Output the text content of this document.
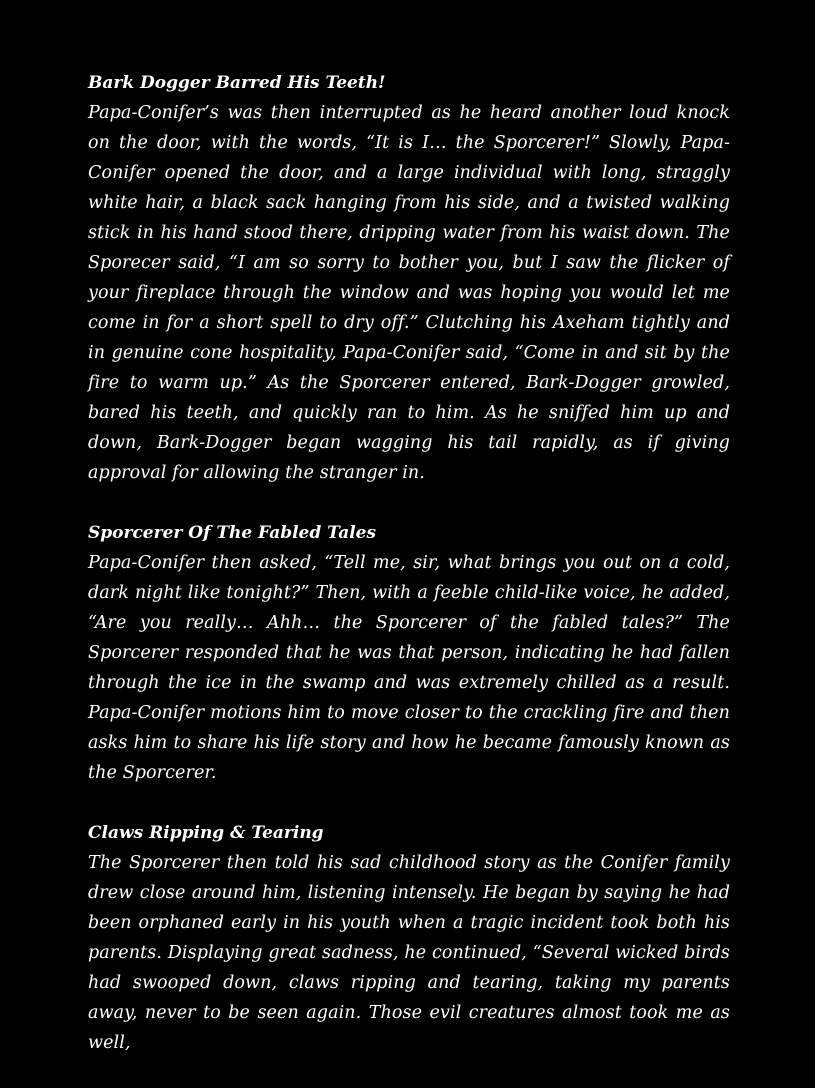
Bark Dogger Barred His Teeth!

Papa-Conifer’s was then interrupted as he heard another loud knock on the door, with the words, “It is I… the Sporcerer!” Slowly, Papa-Conifer opened the door, and a large individual with long, straggly white hair, a black sack hanging from his side, and a twisted walking stick in his hand stood there, dripping water from his waist down. The Sporecer said, “I am so sorry to bother you, but I saw the flicker of your fireplace through the window and was hoping you would let me come in for a short spell to dry off.” Clutching his Axeham tightly and in genuine cone hospitality, Papa-Conifer said, “Come in and sit by the fire to warm up.” As the Sporcerer entered, Bark-Dogger growled, bared his teeth, and quickly ran to him. As he sniffed him up and down, Bark-Dogger began wagging his tail rapidly, as if giving approval for allowing the stranger in.

Sporcerer Of The Fabled Tales

Papa-Conifer then asked, “Tell me, sir, what brings you out on a cold, dark night like tonight?” Then, with a feeble child-like voice, he added, “Are you really… Ahh… the Sporcerer of the fabled tales?” The Sporcerer responded that he was that person, indicating he had fallen through the ice in the swamp and was extremely chilled as a result. Papa-Conifer motions him to move closer to the crackling fire and then asks him to share his life story and how he became famously known as the Sporcerer.

Claws Ripping & Tearing

The Sporcerer then told his sad childhood story as the Conifer family drew close around him, listening intensely. He began by saying he had been orphaned early in his youth when a tragic incident took both his parents. Displaying great sadness, he continued, “Several wicked birds had swooped down, claws ripping and tearing, taking my parents away, never to be seen again. Those evil creatures almost took me as well,
